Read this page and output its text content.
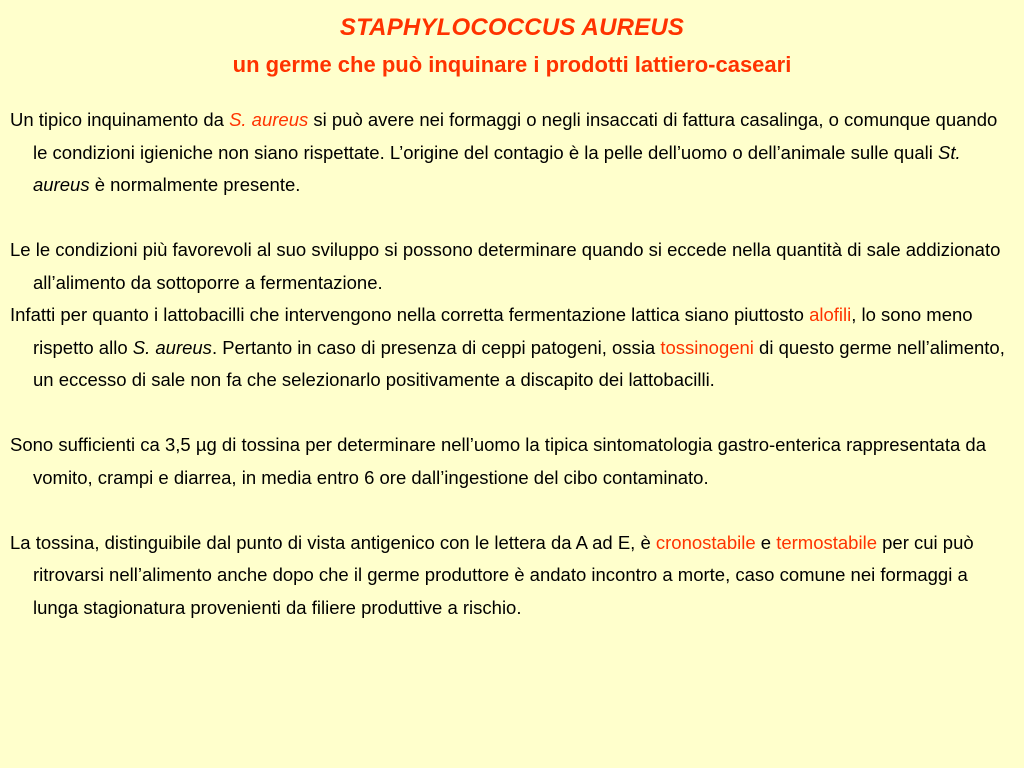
STAPHYLOCOCCUS AUREUS
un germe che può inquinare i prodotti lattiero-caseari

Un tipico inquinamento da S. aureus si può avere nei formaggi o negli insaccati di fattura casalinga, o comunque quando le condizioni igieniche non siano rispettate. L’origine del contagio è la pelle dell’uomo o dell’animale sulle quali St. aureus è normalmente presente.

Le le condizioni più favorevoli al suo sviluppo si possono determinare quando si eccede nella quantità di sale addizionato all’alimento da sottoporre a fermentazione.

Infatti per quanto i lattobacilli che intervengono nella corretta fermentazione lattica siano piuttosto alofili, lo sono meno rispetto allo S. aureus. Pertanto in caso di presenza di ceppi patogeni, ossia tossinogeni di questo germe nell’alimento, un eccesso di sale non fa che selezionarlo positivamente a discapito dei lattobacilli.

Sono sufficienti ca 3,5 µg di tossina per determinare nell’uomo la tipica sintomatologia gastro-enterica rappresentata da vomito, crampi e diarrea, in media entro 6 ore dall’ingestione del cibo contaminato.

La tossina, distinguibile dal punto di vista antigenico con le lettera da A ad E, è cronostabile e termostabile per cui può ritrovarsi nell’alimento anche dopo che il germe produttore è andato incontro a morte, caso comune nei formaggi a lunga stagionatura provenienti da filiere produttive a rischio.
